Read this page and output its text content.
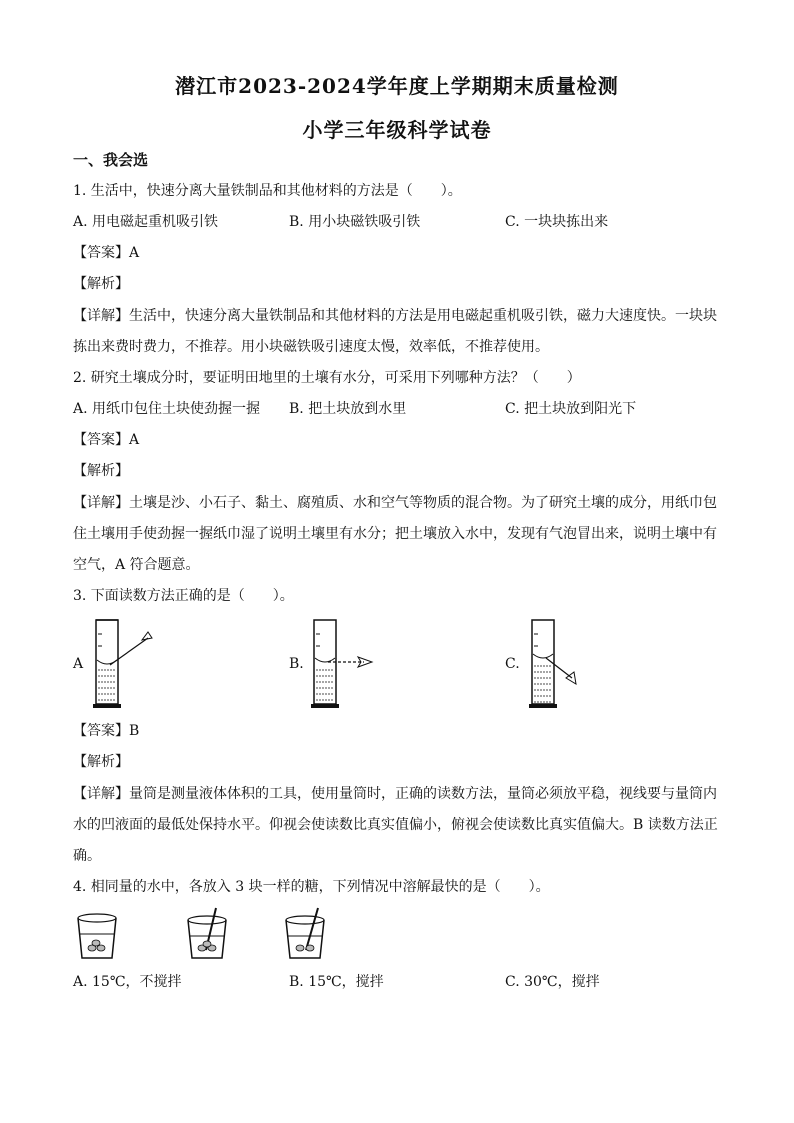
潜江市2023-2024学年度上学期期末质量检测
小学三年级科学试卷
一、我会选
1. 生活中，快速分离大量铁制品和其他材料的方法是（　　）。
A. 用电磁起重机吸引铁	B. 用小块磁铁吸引铁	C. 一块块拣出来
【答案】A
【解析】
【详解】生活中，快速分离大量铁制品和其他材料的方法是用电磁起重机吸引铁，磁力大速度快。一块块
拣出来费时费力，不推荐。用小块磁铁吸引速度太慢，效率低，不推荐使用。
2. 研究土壤成分时，要证明田地里的土壤有水分，可采用下列哪种方法？（　　）
A. 用纸巾包住土块使劲握一握 B. 把土块放到水里	C. 把土块放到阳光下
【答案】A
【解析】
【详解】土壤是沙、小石子、黏土、腐殖质、水和空气等物质的混合物。为了研究土壤的成分，用纸巾包
住土壤用手使劲握一握纸巾湿了说明土壤里有水分；把土壤放入水中，发现有气泡冒出来，说明土壤中有
空气，A 符合题意。
3. 下面读数方法正确的是（　　）。
A	B.	C.
【答案】B
【解析】
【详解】量筒是测量液体体积的工具，使用量筒时，正确的读数方法，量筒必须放平稳，视线要与量筒内
水的凹液面的最低处保持水平。仰视会使读数比真实值偏小，俯视会使读数比真实值偏大。B 读数方法正
确。
4. 相同量的水中，各放入 3 块一样的糖，下列情况中溶解最快的是（　　）。
A. 15℃，不搅拌	B. 15℃，搅拌	C. 30℃，搅拌
